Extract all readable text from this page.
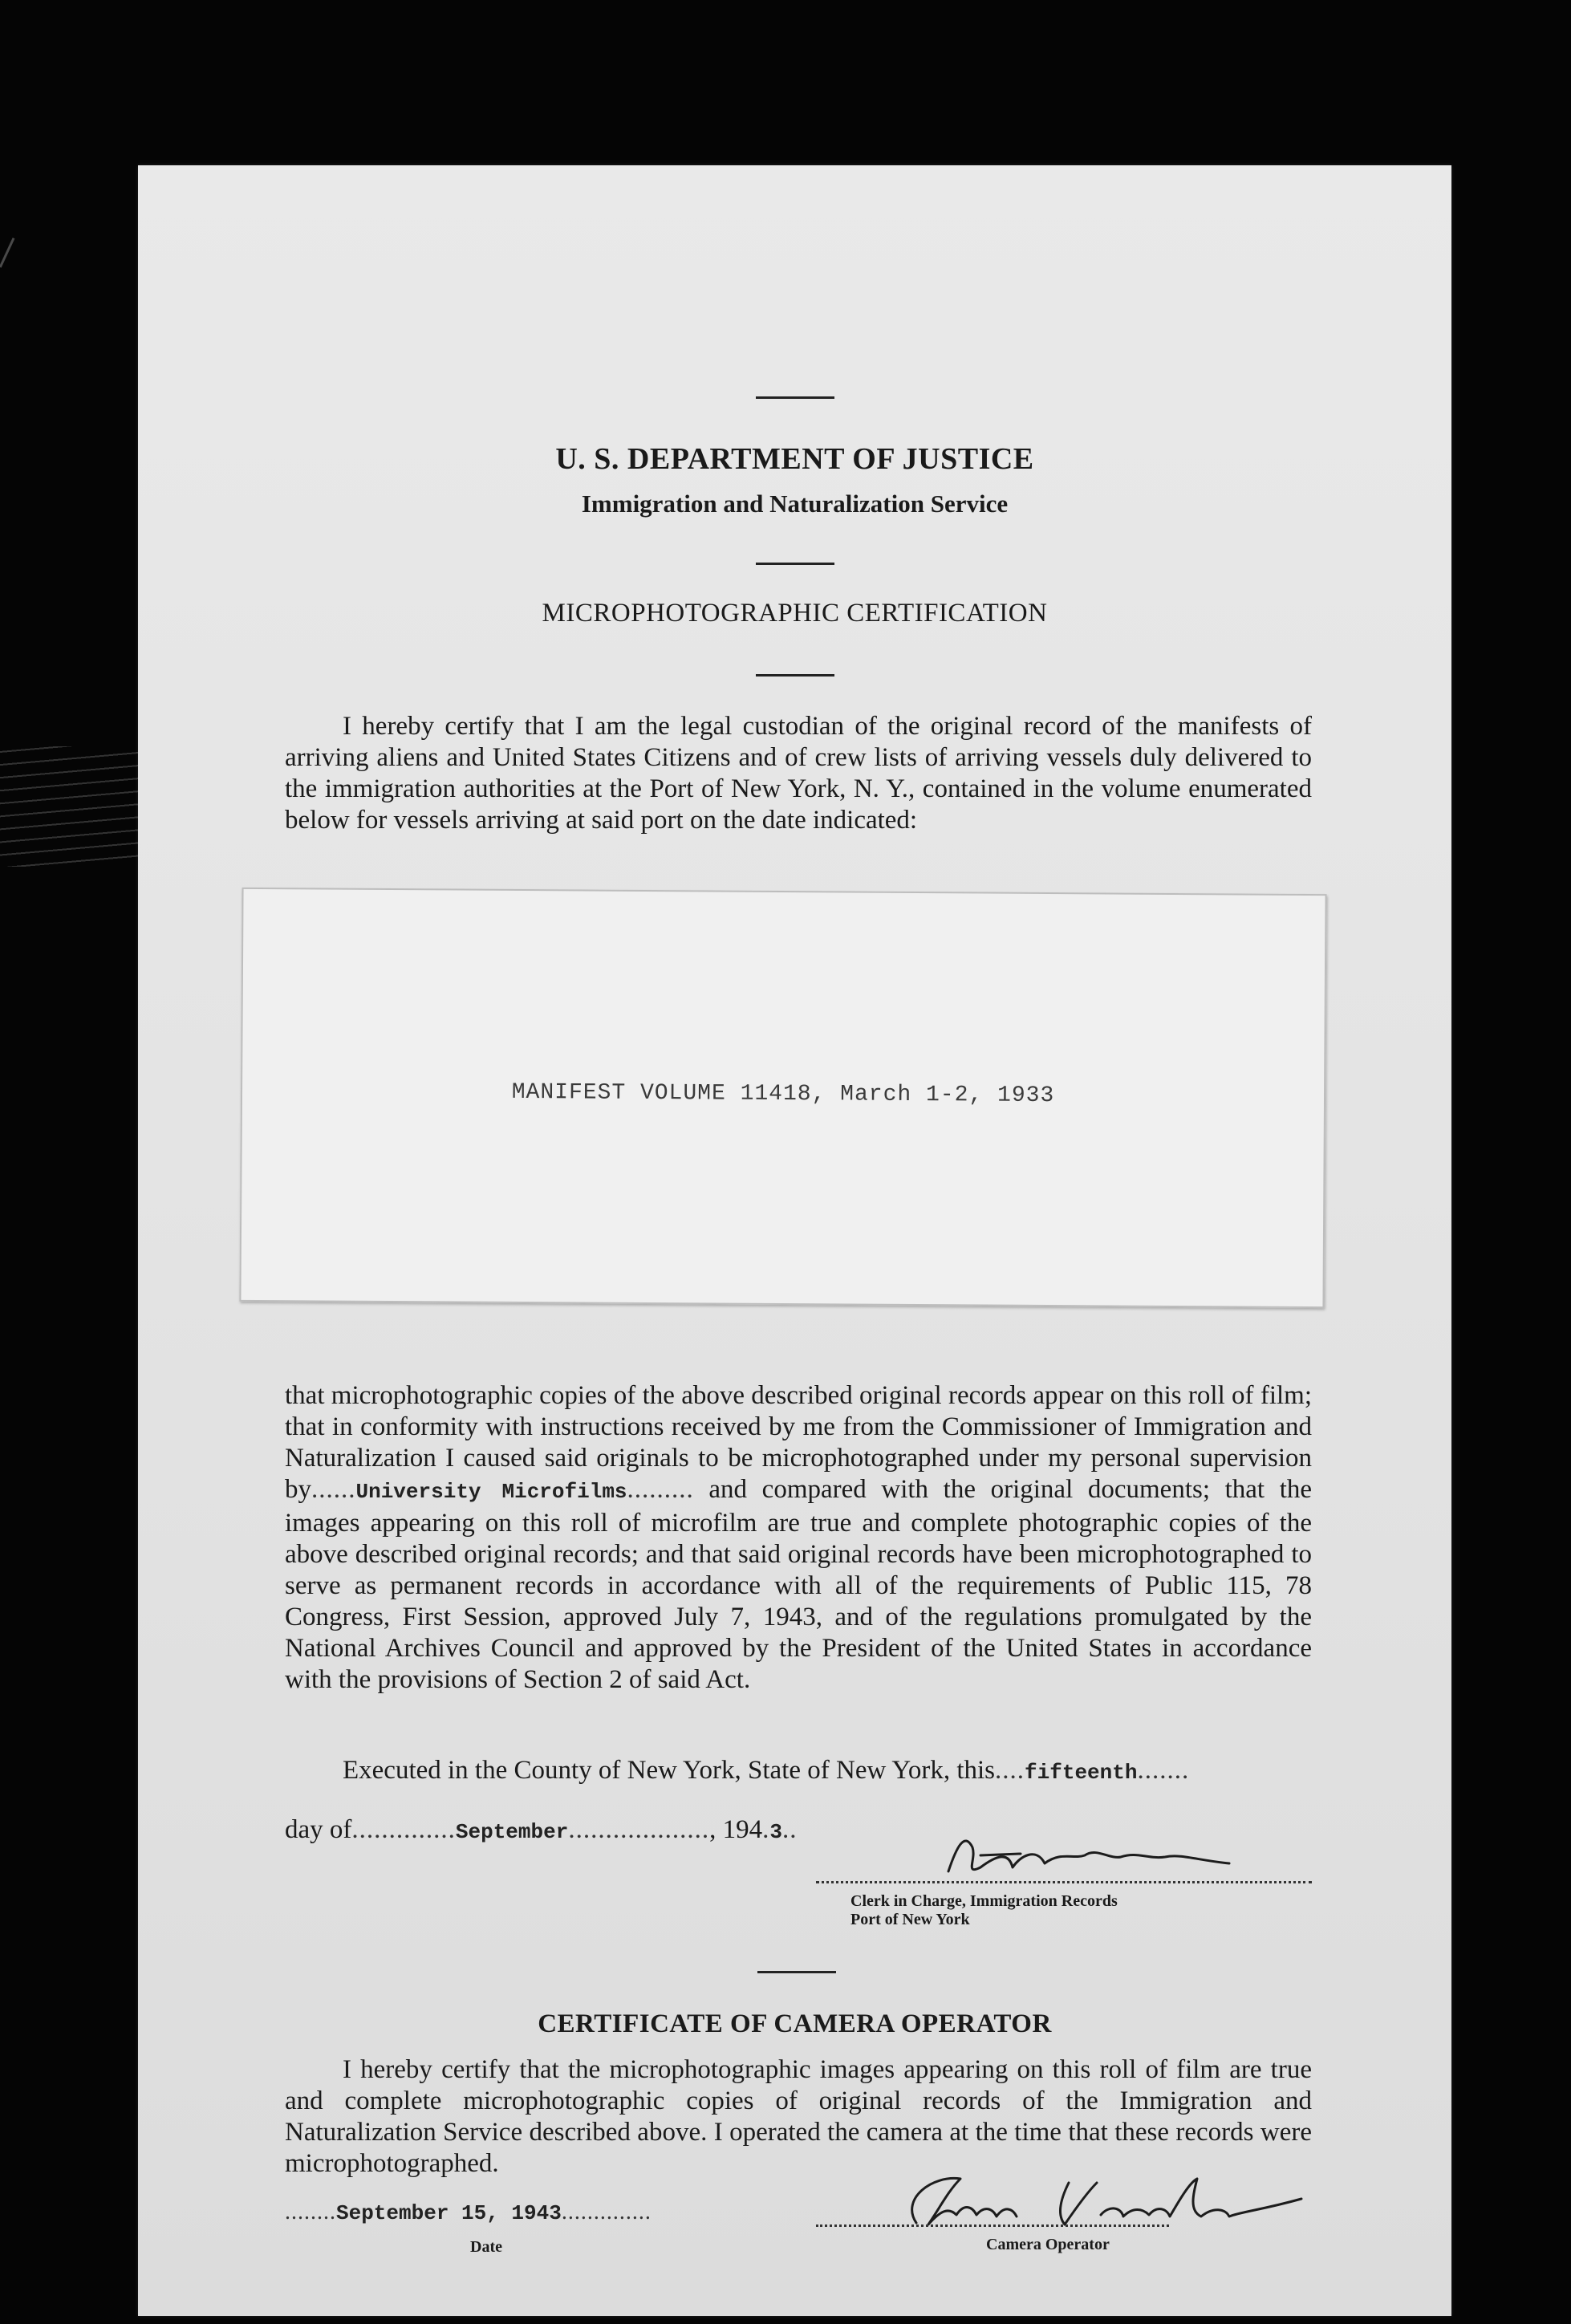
U. S. DEPARTMENT OF JUSTICE
Immigration and Naturalization Service
MICROPHOTOGRAPHIC CERTIFICATION
I hereby certify that I am the legal custodian of the original record of the manifests of arriving aliens and United States Citizens and of crew lists of arriving vessels duly delivered to the immigration authorities at the Port of New York, N. Y., contained in the volume enumerated below for vessels arriving at said port on the date indicated:
MANIFEST VOLUME 11418, March 1-2, 1933
that microphotographic copies of the above described original records appear on this roll of film; that in conformity with instructions received by me from the Commissioner of Immigration and Naturalization I caused said originals to be microphotographed under my personal supervision by......University Microfilms......... and compared with the original documents; that the images appearing on this roll of microfilm are true and complete photographic copies of the above described original records; and that said original records have been microphotographed to serve as permanent records in accordance with all of the requirements of Public 115, 78 Congress, First Session, approved July 7, 1943, and of the regulations promulgated by the National Archives Council and approved by the President of the United States in accordance with the provisions of Section 2 of said Act.
Executed in the County of New York, State of New York, this....fifteenth.......
day of..............September..................., 194.3..
Clerk in Charge, Immigration Records
Port of New York
CERTIFICATE OF CAMERA OPERATOR
I hereby certify that the microphotographic images appearing on this roll of film are true and complete microphotographic copies of original records of the Immigration and Naturalization Service described above. I operated the camera at the time that these records were microphotographed.
........September 15, 1943..............
Date	Camera Operator
